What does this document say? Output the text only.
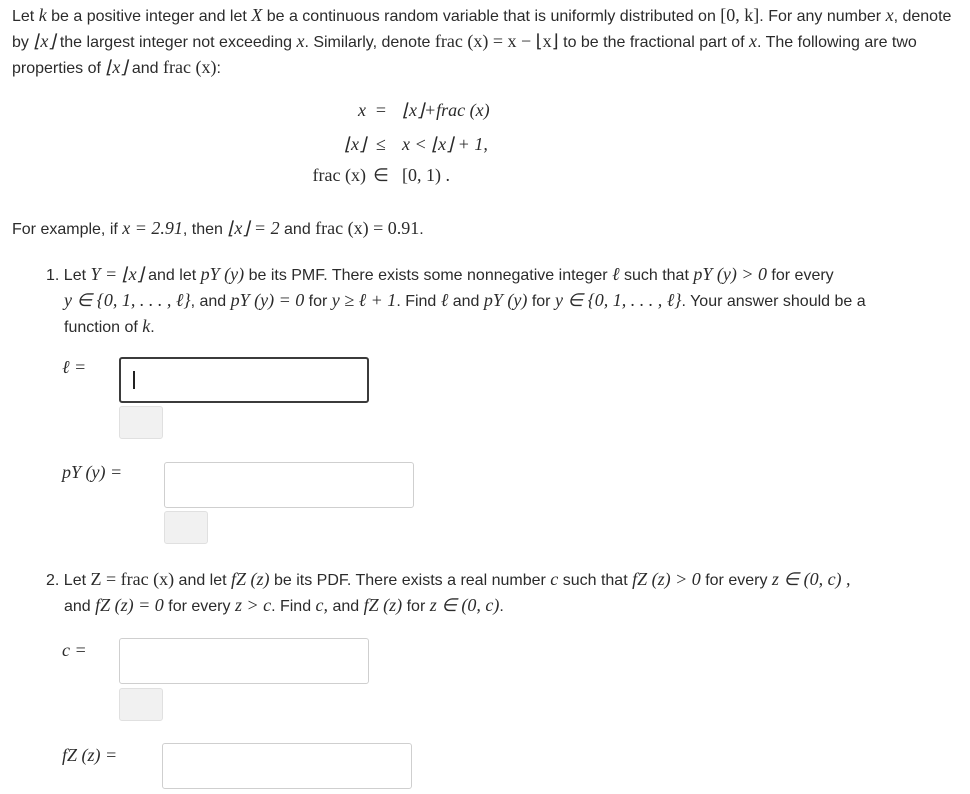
Let k be a positive integer and let X be a continuous random variable that is uniformly distributed on [0, k]. For any number x, denote by ⌊x⌋ the largest integer not exceeding x. Similarly, denote frac (x) = x − ⌊x⌋ to be the fractional part of x. The following are two properties of ⌊x⌋ and frac (x):
x = ⌊x⌋+frac (x)
⌊x⌋ ≤ x < ⌊x⌋ + 1,
frac (x) ∈ [0, 1) .
For example, if x = 2.91, then ⌊x⌋ = 2 and frac (x) = 0.91.
1. Let Y = ⌊x⌋ and let pY (y) be its PMF. There exists some nonnegative integer ℓ such that pY (y) > 0 for every
y ∈ {0, 1, . . . , ℓ}, and pY (y) = 0 for y ≥ ℓ + 1. Find ℓ and pY (y) for y ∈ {0, 1, . . . , ℓ}. Your answer should be a
function of k.
ℓ =
pY (y) =
2. Let Z = frac (x) and let fZ (z) be its PDF. There exists a real number c such that fZ (z) > 0 for every z ∈ (0, c) ,
and fZ (z) = 0 for every z > c. Find c, and fZ (z) for z ∈ (0, c).
c =
fZ (z) =
